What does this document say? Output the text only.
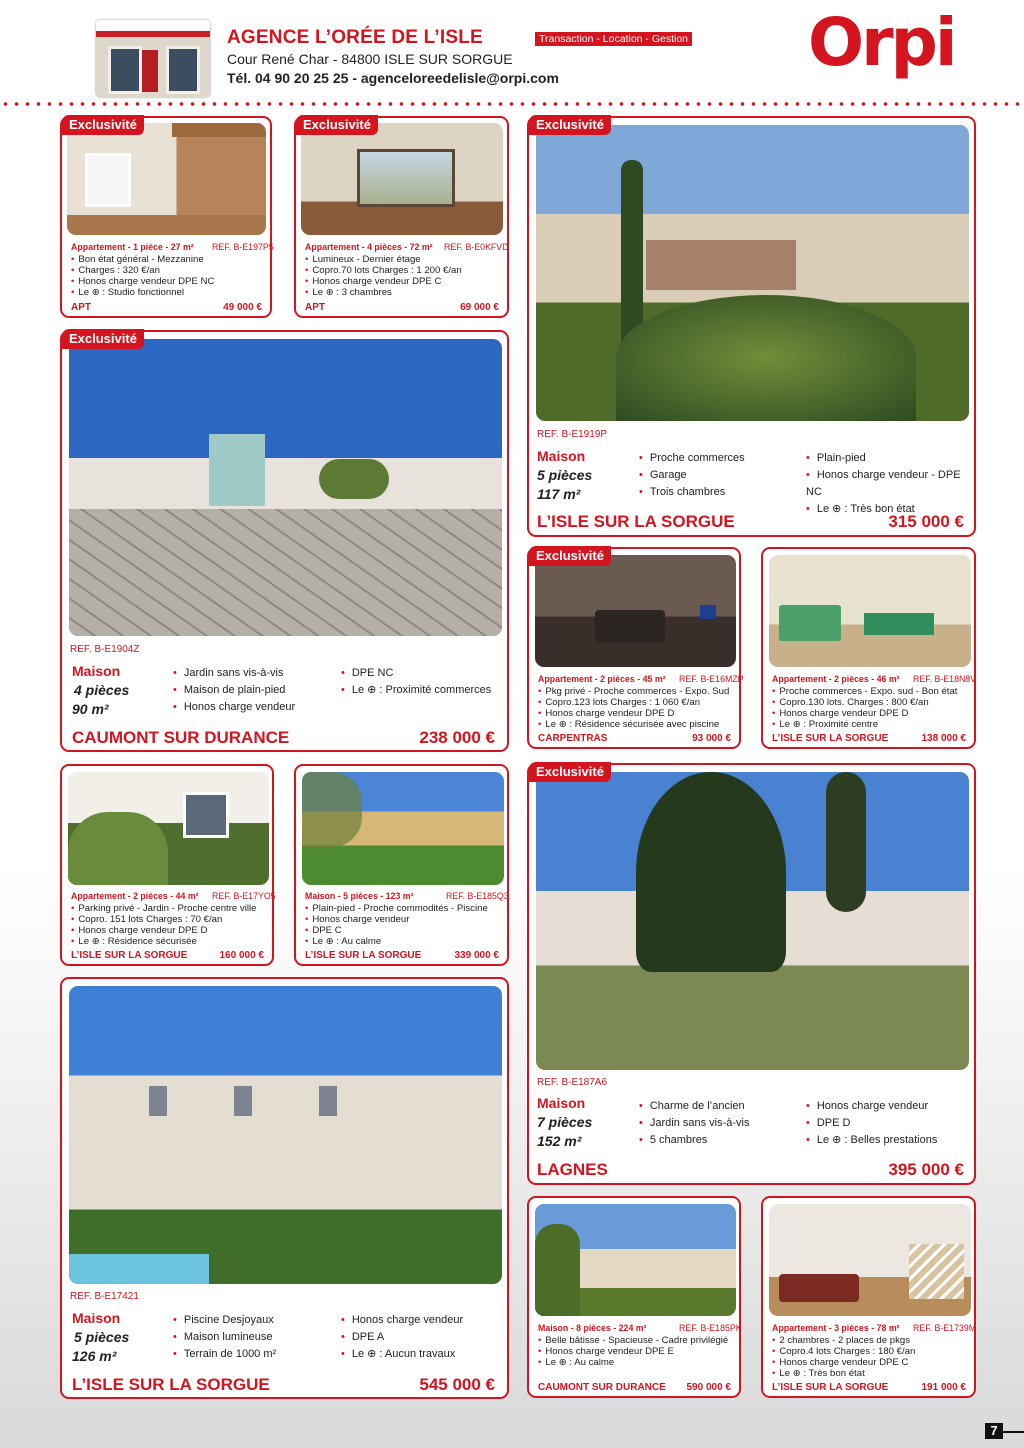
AGENCE L’ORÉE DE L’ISLE
Cour René Char - 84800 ISLE SUR SORGUE
Tél. 04 90 20 25 25 - agenceloreedelisle@orpi.com
Transaction - Location - Gestion Orpi
Exclusivité
Appartement - 1 pièce - 27 m² REF. B-E197P5
• Bon état général - Mezzanine
• Charges : 320 €/an
• Honos charge vendeur DPE NC
• Le ⊕ : Studio fonctionnel
APT	49 000 €
Exclusivité
Appartement - 4 pièces - 72 m² REF. B-E0KFVD
• Lumineux - Dernier étage
• Copro.70 lots Charges : 1 200 €/an
• Honos charge vendeur DPE C
• Le ⊕ : 3 chambres
APT	69 000 €
Exclusivité
REF. B-E1919P
Maison
5 pièces
117 m²
• Proche commerces
• Garage
• Trois chambres
• Plain-pied
• Honos charge vendeur - DPE NC
• Le ⊕ : Très bon état
L’ISLE SUR LA SORGUE	315 000 €
Exclusivité
REF. B-E1904Z
Maison
4 pièces
90 m²
• Jardin sans vis-à-vis
• Maison de plain-pied
• Honos charge vendeur
• DPE NC
• Le ⊕ : Proximité commerces
CAUMONT SUR DURANCE	238 000 €
Exclusivité
Appartement - 2 pièces - 45 m² REF. B-E16MZP
• Pkg privé - Proche commerces - Expo. Sud
• Copro.123 lots Charges : 1 060 €/an
• Honos charge vendeur DPE D
• Le ⊕ : Résidence sécurisée avec piscine
CARPENTRAS	93 000 €
Appartement - 2 pièces - 46 m² REF. B-E18N8V
• Proche commerces - Expo. sud - Bon état
• Copro.130 lots. Charges : 800 €/an
• Honos charge vendeur DPE D
• Le ⊕ : Proximité centre
L’ISLE SUR LA SORGUE	138 000 €
Appartement - 2 pièces - 44 m² REF. B-E17YO5
• Parking privé - Jardin - Proche centre ville
• Copro. 151 lots Charges : 70 €/an
• Honos charge vendeur DPE D
• Le ⊕ : Résidence sécurisée
L’ISLE SUR LA SORGUE	160 000 €
Maison - 5 pièces - 123 m²	REF. B-E185Q3
• Plain-pied - Proche commodités - Piscine
• Honos charge vendeur
• DPE C
• Le ⊕ : Au calme
L’ISLE SUR LA SORGUE	339 000 €
Exclusivité
REF. B-E187A6
Maison
7 pièces
152 m²
• Charme de l’ancien
• Jardin sans vis-à-vis
• 5 chambres
• Honos charge vendeur
• DPE D
• Le ⊕ : Belles prestations
LAGNES	395 000 €
REF. B-E17421
Maison
5 pièces
126 m²
• Piscine Desjoyaux
• Maison lumineuse
• Terrain de 1000 m²
• Honos charge vendeur
• DPE A
• Le ⊕ : Aucun travaux
L’ISLE SUR LA SORGUE	545 000 €
Maison - 8 pièces - 224 m²	REF. B-E185PK
• Belle bâtisse - Spacieuse - Cadre privilégié
• Honos charge vendeur DPE E
• Le ⊕ : Au calme
CAUMONT SUR DURANCE 590 000 €
Appartement - 3 pièces - 78 m² REF. B-E1739M
• 2 chambres - 2 places de pkgs
• Copro.4 lots Charges : 180 €/an
• Honos charge vendeur DPE C
• Le ⊕ : Très bon état
L’ISLE SUR LA SORGUE	191 000 €
7
